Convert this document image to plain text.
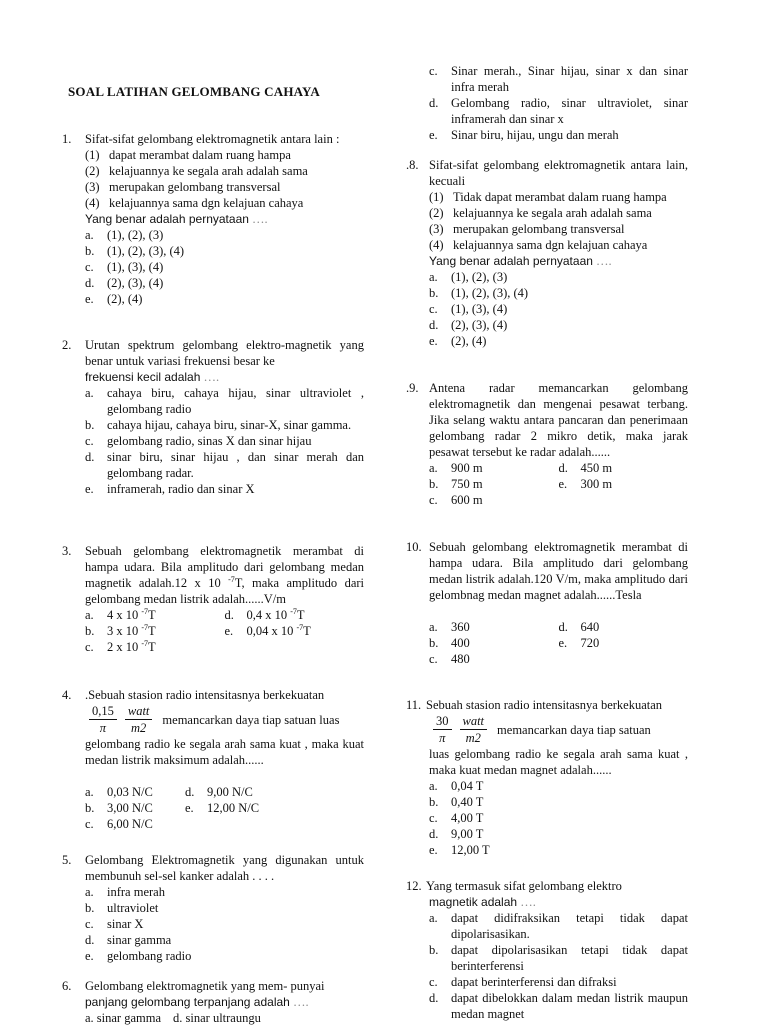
SOAL LATIHAN GELOMBANG CAHAYA
1.	Sifat-sifat gelombang elektromagnetik antara lain :
(1) dapat merambat dalam ruang hampa
(2) kelajuannya ke segala arah adalah sama
(3) merupakan gelombang transversal
(4) kelajuannya sama dgn kelajuan cahaya
Yang benar adalah pernyataan ….
a.	(1), (2), (3)
b.	(1), (2), (3), (4)
c.	(1), (3), (4)
d.	(2), (3), (4)
e.	(2), (4)
2.	Urutan spektrum gelombang elektro-magnetik yang benar untuk variasi frekuensi besar ke
frekuensi kecil adalah ….
a.	cahaya biru, cahaya hijau, sinar ultraviolet , gelombang radio
b.	cahaya hijau, cahaya biru, sinar-X, sinar gamma.
c.	gelombang radio, sinas X dan sinar hijau
d.	sinar biru, sinar hijau , dan sinar merah dan gelombang radar.
e.	inframerah, radio dan sinar X
3.	Sebuah gelombang elektromagnetik merambat di hampa udara. Bila amplitudo dari gelombang medan magnetik adalah.12 x 10 $^{-7}$T, maka amplitudo dari gelombang medan listrik adalah......V/m
a.	4 x 10 $^{-7}$T	d.	0,4 x 10 $^{-7}$T
b.	3 x 10 $^{-7}$T	e.	0,04 x 10 $^{-7}$T
c.	2 x 10 $^{-7}$T
4.	.Sebuah stasion radio intensitasnya berkekuatan
$\frac{0,15}{\pi} \frac{\text{watt}}{m2}$ memancarkan daya tiap satuan luas
gelombang radio ke segala arah sama kuat , maka kuat medan listrik maksimum adalah......
a.	0,03 N/C	d.	9,00 N/C
b.	3,00 N/C	e.	12,00 N/C
c.	6,00 N/C
5.	Gelombang Elektromagnetik yang digunakan untuk membunuh sel-sel kanker adalah . . . .
a.	infra merah
b.	ultraviolet
c.	sinar X
d.	sinar gamma
e.	gelombang radio
6.	Gelombang elektromagnetik yang mem- punyai
panjang gelombang terpanjang adalah ….
a. sinar gamma d. sinar ultraungu
c.	Sinar merah., Sinar hijau, sinar x dan sinar infra merah
d.	Gelombang radio, sinar ultraviolet, sinar inframerah dan sinar x
e.	Sinar biru, hijau, ungu dan merah
.8. Sifat-sifat gelombang elektromagnetik antara lain, kecuali
(1) Tidak dapat merambat dalam ruang hampa
(2) kelajuannya ke segala arah adalah sama
(3) merupakan gelombang transversal
(4) kelajuannya sama dgn kelajuan cahaya
Yang benar adalah pernyataan ….
a.	(1), (2), (3)
b.	(1), (2), (3), (4)
c.	(1), (3), (4)
d.	(2), (3), (4)
e.	(2), (4)
.9. Antena radar memancarkan gelombang elektromagnetik dan mengenai pesawat terbang. Jika selang waktu antara pancaran dan penerimaan gelombang radar 2 mikro detik, maka jarak pesawat tersebut ke radar adalah......
a.	900 m	d.	450 m
b.	750 m	e.	300 m
c.	600 m
10. Sebuah gelombang elektromagnetik merambat di hampa udara. Bila amplitudo dari gelombang medan listrik adalah.120 V/m, maka amplitudo dari gelombnag medan magnet adalah......Tesla
a.	360	d.	640
b.	400	e.	720
c.	480
11. Sebuah stasion radio intensitasnya berkekuatan
$\frac{30}{\pi} \frac{\text{watt}}{m2}$ memancarkan daya tiap satuan
luas gelombang radio ke segala arah sama kuat , maka kuat medan magnet adalah......
a.	0,04 T
b.	0,40 T
c.	4,00 T
d.	9,00 T
e.	12,00 T
12. Yang termasuk sifat gelombang elektro
magnetik adalah ….
a.	dapat didifraksikan tetapi tidak dapat dipolarisasikan.
b.	dapat dipolarisasikan tetapi tidak dapat berinterferensi
c.	dapat berinterferensi dan difraksi
d.	dapat dibelokkan dalam medan listrik maupun medan magnet
